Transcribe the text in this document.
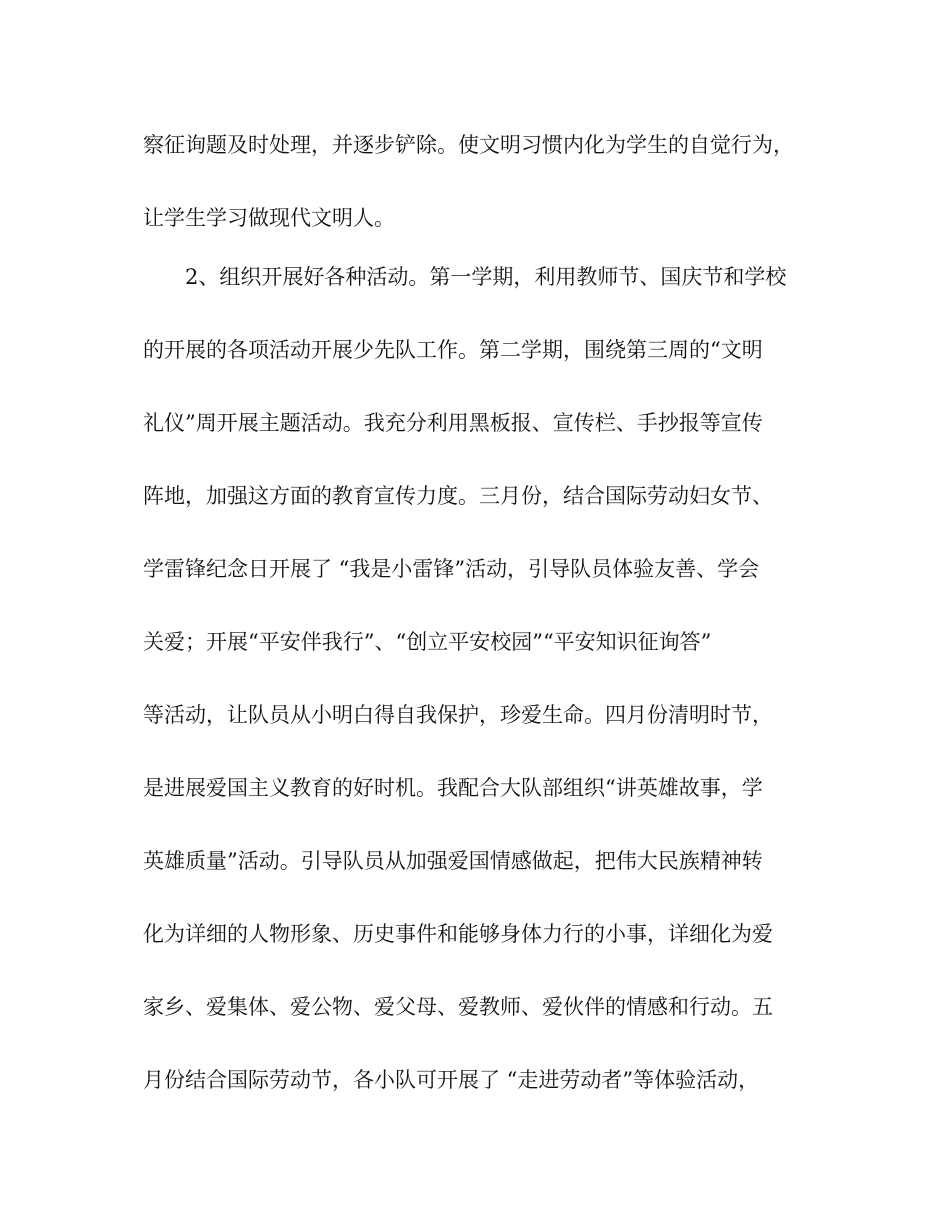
察征询题及时处理，并逐步铲除。使文明习惯内化为学生的自觉行为，

让学生学习做现代文明人。

2、组织开展好各种活动。第一学期，利用教师节、国庆节和学校

的开展的各项活动开展少先队工作。第二学期，围绕第三周的“文明

礼仪”周开展主题活动。我充分利用黑板报、宣传栏、手抄报等宣传

阵地，加强这方面的教育宣传力度。三月份，结合国际劳动妇女节、

学雷锋纪念日开展了 “我是小雷锋”活动，引导队员体验友善、学会

关爱；开展“平安伴我行”、“创立平安校园”“平安知识征询答”

等活动，让队员从小明白得自我保护，珍爱生命。四月份清明时节，

是进展爱国主义教育的好时机。我配合大队部组织“讲英雄故事，学

英雄质量”活动。引导队员从加强爱国情感做起，把伟大民族精神转

化为详细的人物形象、历史事件和能够身体力行的小事，详细化为爱

家乡、爱集体、爱公物、爱父母、爱教师、爱伙伴的情感和行动。五

月份结合国际劳动节，各小队可开展了 “走进劳动者”等体验活动，
